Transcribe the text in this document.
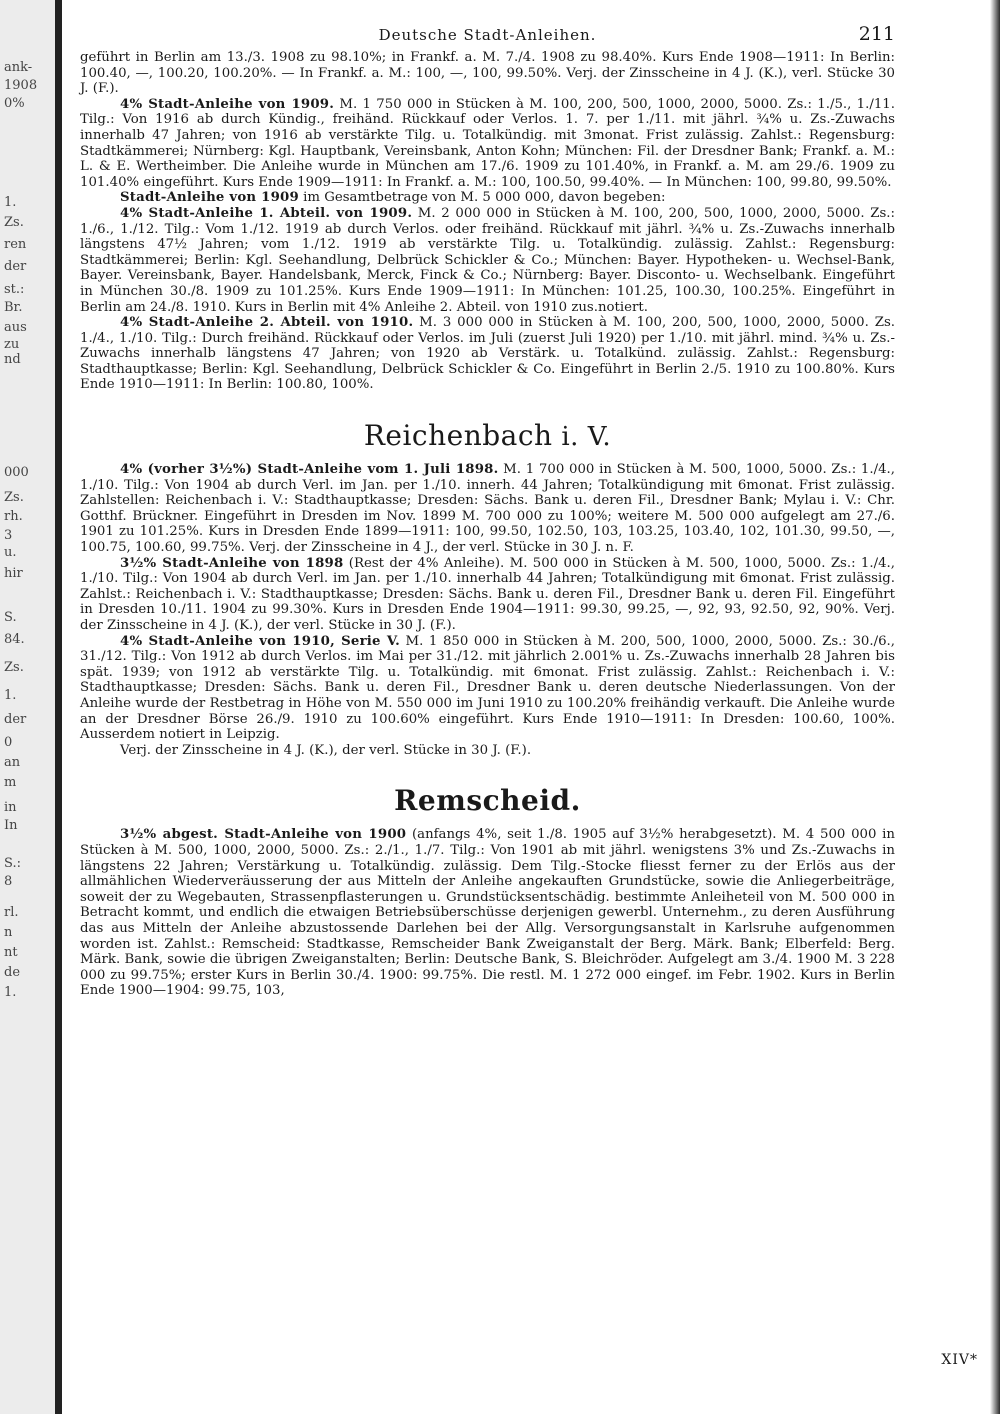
ank-
1908
0%
1.
Zs.
ren
der
st.:
Br.
aus
zu
nd
000
Zs.
rh.
3
u.
hir
S.
84.
Zs.
1.
der
0
an
m
in
In
S.:
8
rl.
n
nt
de
1.
Deutsche Stadt-Anleihen.	211

geführt in Berlin am 13./3. 1908 zu 98.10%; in Frankf. a. M. 7./4. 1908 zu 98.40%. Kurs Ende 1908—1911: In Berlin: 100.40, —, 100.20, 100.20%. — In Frankf. a. M.: 100, —, 100, 99.50%. Verj. der Zinsscheine in 4 J. (K.), verl. Stücke 30 J. (F.).

4% Stadt-Anleihe von 1909. M. 1 750 000 in Stücken à M. 100, 200, 500, 1000, 2000, 5000. Zs.: 1./5., 1./11. Tilg.: Von 1916 ab durch Kündig., freihänd. Rückkauf oder Verlos. 1. 7. per 1./11. mit jährl. ¾% u. Zs.-Zuwachs innerhalb 47 Jahren; von 1916 ab verstärkte Tilg. u. Totalkündig. mit 3monat. Frist zulässig. Zahlst.: Regensburg: Stadtkämmerei; Nürnberg: Kgl. Hauptbank, Vereinsbank, Anton Kohn; München: Fil. der Dresdner Bank; Frankf. a. M.: L. & E. Wertheimber. Die Anleihe wurde in München am 17./6. 1909 zu 101.40%, in Frankf. a. M. am 29./6. 1909 zu 101.40% eingeführt. Kurs Ende 1909—1911: In Frankf. a. M.: 100, 100.50, 99.40%. — In München: 100, 99.80, 99.50%.

Stadt-Anleihe von 1909 im Gesamtbetrage von M. 5 000 000, davon begeben:

4% Stadt-Anleihe 1. Abteil. von 1909. M. 2 000 000 in Stücken à M. 100, 200, 500, 1000, 2000, 5000. Zs.: 1./6., 1./12. Tilg.: Vom 1./12. 1919 ab durch Verlos. oder freihänd. Rückkauf mit jährl. ¾% u. Zs.-Zuwachs innerhalb längstens 47½ Jahren; vom 1./12. 1919 ab verstärkte Tilg. u. Totalkündig. zulässig. Zahlst.: Regensburg: Stadtkämmerei; Berlin: Kgl. Seehandlung, Delbrück Schickler & Co.; München: Bayer. Hypotheken- u. Wechsel-Bank, Bayer. Vereinsbank, Bayer. Handelsbank, Merck, Finck & Co.; Nürnberg: Bayer. Disconto- u. Wechselbank. Eingeführt in München 30./8. 1909 zu 101.25%. Kurs Ende 1909—1911: In München: 101.25, 100.30, 100.25%. Eingeführt in Berlin am 24./8. 1910. Kurs in Berlin mit 4% Anleihe 2. Abteil. von 1910 zus.notiert.

4% Stadt-Anleihe 2. Abteil. von 1910. M. 3 000 000 in Stücken à M. 100, 200, 500, 1000, 2000, 5000. Zs. 1./4., 1./10. Tilg.: Durch freihänd. Rückkauf oder Verlos. im Juli (zuerst Juli 1920) per 1./10. mit jährl. mind. ¾% u. Zs.-Zuwachs innerhalb längstens 47 Jahren; von 1920 ab Verstärk. u. Totalkünd. zulässig. Zahlst.: Regensburg: Stadthauptkasse; Berlin: Kgl. Seehandlung, Delbrück Schickler & Co. Eingeführt in Berlin 2./5. 1910 zu 100.80%. Kurs Ende 1910—1911: In Berlin: 100.80, 100%.

Reichenbach i. V.

4% (vorher 3½%) Stadt-Anleihe vom 1. Juli 1898. M. 1 700 000 in Stücken à M. 500, 1000, 5000. Zs.: 1./4., 1./10. Tilg.: Von 1904 ab durch Verl. im Jan. per 1./10. innerh. 44 Jahren; Totalkündigung mit 6monat. Frist zulässig. Zahlstellen: Reichenbach i. V.: Stadthauptkasse; Dresden: Sächs. Bank u. deren Fil., Dresdner Bank; Mylau i. V.: Chr. Gotthf. Brückner. Eingeführt in Dresden im Nov. 1899 M. 700 000 zu 100%; weitere M. 500 000 aufgelegt am 27./6. 1901 zu 101.25%. Kurs in Dresden Ende 1899—1911: 100, 99.50, 102.50, 103, 103.25, 103.40, 102, 101.30, 99.50, —, 100.75, 100.60, 99.75%. Verj. der Zinsscheine in 4 J., der verl. Stücke in 30 J. n. F.

3½% Stadt-Anleihe von 1898 (Rest der 4% Anleihe). M. 500 000 in Stücken à M. 500, 1000, 5000. Zs.: 1./4., 1./10. Tilg.: Von 1904 ab durch Verl. im Jan. per 1./10. innerhalb 44 Jahren; Totalkündigung mit 6monat. Frist zulässig. Zahlst.: Reichenbach i. V.: Stadthauptkasse; Dresden: Sächs. Bank u. deren Fil., Dresdner Bank u. deren Fil. Eingeführt in Dresden 10./11. 1904 zu 99.30%. Kurs in Dresden Ende 1904—1911: 99.30, 99.25, —, 92, 93, 92.50, 92, 90%. Verj. der Zinsscheine in 4 J. (K.), der verl. Stücke in 30 J. (F.).

4% Stadt-Anleihe von 1910, Serie V. M. 1 850 000 in Stücken à M. 200, 500, 1000, 2000, 5000. Zs.: 30./6., 31./12. Tilg.: Von 1912 ab durch Verlos. im Mai per 31./12. mit jährlich 2.001% u. Zs.-Zuwachs innerhalb 28 Jahren bis spät. 1939; von 1912 ab verstärkte Tilg. u. Totalkündig. mit 6monat. Frist zulässig. Zahlst.: Reichenbach i. V.: Stadthauptkasse; Dresden: Sächs. Bank u. deren Fil., Dresdner Bank u. deren deutsche Niederlassungen. Von der Anleihe wurde der Restbetrag in Höhe von M. 550 000 im Juni 1910 zu 100.20% freihändig verkauft. Die Anleihe wurde an der Dresdner Börse 26./9. 1910 zu 100.60% eingeführt. Kurs Ende 1910—1911: In Dresden: 100.60, 100%. Ausserdem notiert in Leipzig.

Verj. der Zinsscheine in 4 J. (K.), der verl. Stücke in 30 J. (F.).

Remscheid.

3½% abgest. Stadt-Anleihe von 1900 (anfangs 4%, seit 1./8. 1905 auf 3½% herabgesetzt). M. 4 500 000 in Stücken à M. 500, 1000, 2000, 5000. Zs.: 2./1., 1./7. Tilg.: Von 1901 ab mit jährl. wenigstens 3% und Zs.-Zuwachs in längstens 22 Jahren; Verstärkung u. Totalkündig. zulässig. Dem Tilg.-Stocke fliesst ferner zu der Erlös aus der allmählichen Wiederveräusserung der aus Mitteln der Anleihe angekauften Grundstücke, sowie die Anliegerbeiträge, soweit der zu Wegebauten, Strassenpflasterungen u. Grundstücksentschädig. bestimmte Anleiheteil von M. 500 000 in Betracht kommt, und endlich die etwaigen Betriebsüberschüsse derjenigen gewerbl. Unternehm., zu deren Ausführung das aus Mitteln der Anleihe abzustossende Darlehen bei der Allg. Versorgungsanstalt in Karlsruhe aufgenommen worden ist. Zahlst.: Remscheid: Stadtkasse, Remscheider Bank Zweiganstalt der Berg. Märk. Bank; Elberfeld: Berg. Märk. Bank, sowie die übrigen Zweiganstalten; Berlin: Deutsche Bank, S. Bleichröder. Aufgelegt am 3./4. 1900 M. 3 228 000 zu 99.75%; erster Kurs in Berlin 30./4. 1900: 99.75%. Die restl. M. 1 272 000 eingef. im Febr. 1902. Kurs in Berlin Ende 1900—1904: 99.75, 103,

XIV*
